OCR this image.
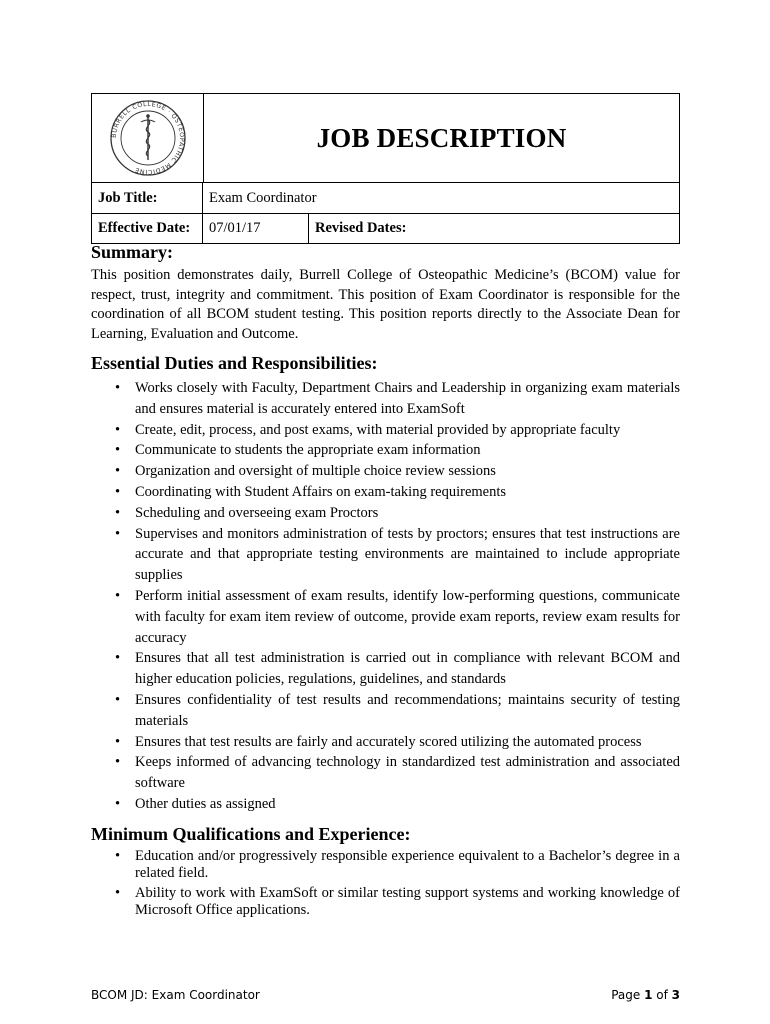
BURRELL COLLEGE · OSTEOPATHIC MEDICINE
JOB DESCRIPTION
Job Title:	Exam Coordinator
Effective Date:	07/01/17	Revised Dates:
Summary:

This position demonstrates daily, Burrell College of Osteopathic Medicine’s (BCOM) value for respect, trust, integrity and commitment. This position of Exam Coordinator is responsible for the coordination of all BCOM student testing. This position reports directly to the Associate Dean for Learning, Evaluation and Outcome.

Essential Duties and Responsibilities:
• Works closely with Faculty, Department Chairs and Leadership in organizing exam materials and ensures material is accurately entered into ExamSoft
• Create, edit, process, and post exams, with material provided by appropriate faculty
• Communicate to students the appropriate exam information
• Organization and oversight of multiple choice review sessions
• Coordinating with Student Affairs on exam-taking requirements
• Scheduling and overseeing exam Proctors
• Supervises and monitors administration of tests by proctors; ensures that test instructions are accurate and that appropriate testing environments are maintained to include appropriate supplies
• Perform initial assessment of exam results, identify low-performing questions, communicate with faculty for exam item review of outcome, provide exam reports, review exam results for accuracy
• Ensures that all test administration is carried out in compliance with relevant BCOM and higher education policies, regulations, guidelines, and standards
• Ensures confidentiality of test results and recommendations; maintains security of testing materials
• Ensures that test results are fairly and accurately scored utilizing the automated process
• Keeps informed of advancing technology in standardized test administration and associated software
• Other duties as assigned
Minimum Qualifications and Experience:
• Education and/or progressively responsible experience equivalent to a Bachelor’s degree in a related field.
• Ability to work with ExamSoft or similar testing support systems and working knowledge of Microsoft Office applications.
BCOM JD: Exam Coordinator	Page 1 of 3
